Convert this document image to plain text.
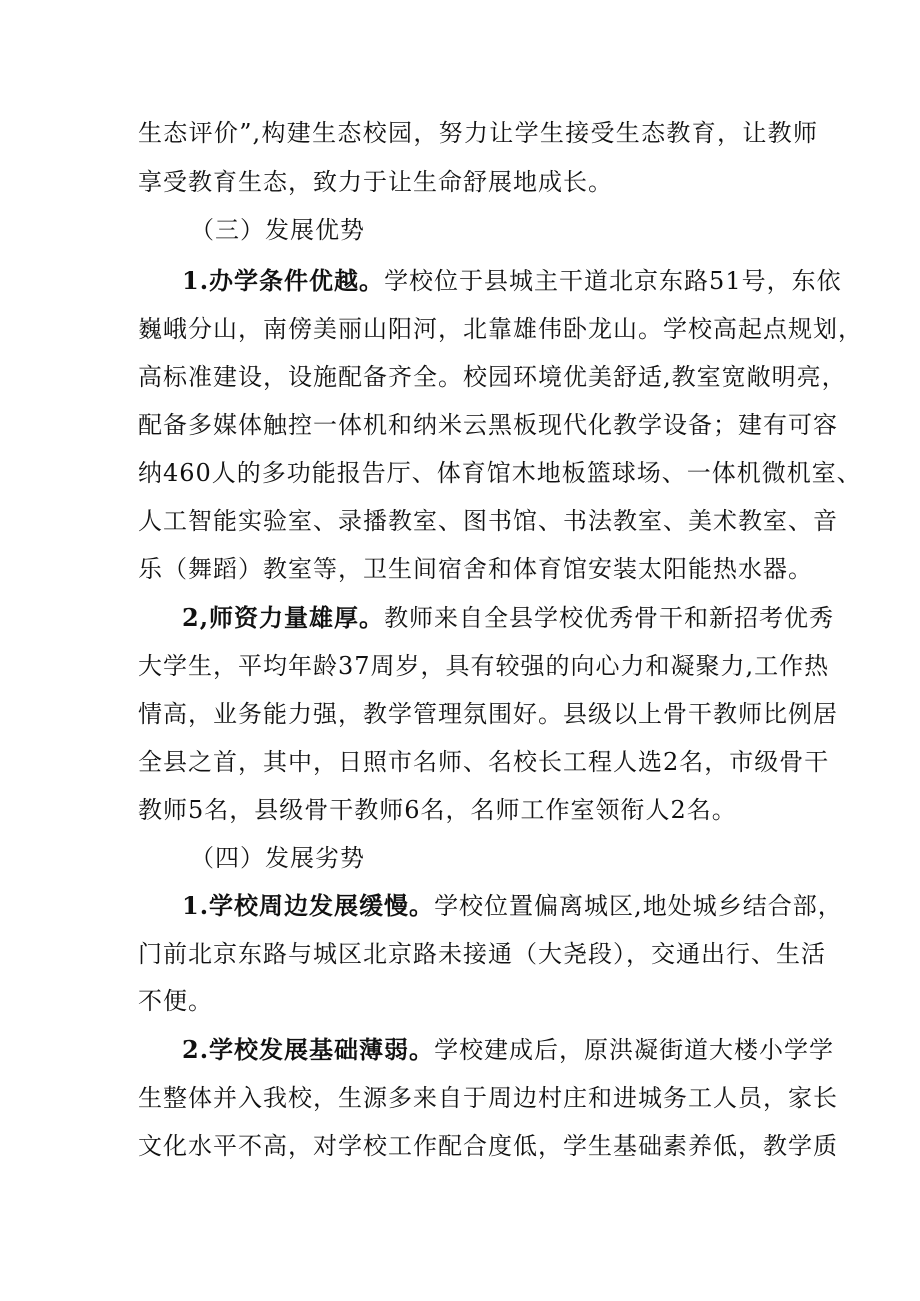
生态评价”,构建生态校园，努力让学生接受生态教育，让教师
享受教育生态，致力于让生命舒展地成长。
（三）发展优势
1.办学条件优越。学校位于县城主干道北京东路51号，东依
巍峨分山，南傍美丽山阳河，北靠雄伟卧龙山。学校高起点规划，
高标准建设，设施配备齐全。校园环境优美舒适,教室宽敞明亮，
配备多媒体触控一体机和纳米云黑板现代化教学设备；建有可容
纳460人的多功能报告厅、体育馆木地板篮球场、一体机微机室、
人工智能实验室、录播教室、图书馆、书法教室、美术教室、音
乐（舞蹈）教室等，卫生间宿舍和体育馆安装太阳能热水器。
2,师资力量雄厚。教师来自全县学校优秀骨干和新招考优秀
大学生，平均年龄37周岁，具有较强的向心力和凝聚力,工作热
情高，业务能力强，教学管理氛围好。县级以上骨干教师比例居
全县之首，其中，日照市名师、名校长工程人选2名，市级骨干
教师5名，县级骨干教师6名，名师工作室领衔人2名。
（四）发展劣势
1.学校周边发展缓慢。学校位置偏离城区,地处城乡结合部，
门前北京东路与城区北京路未接通（大尧段），交通出行、生活
不便。
2.学校发展基础薄弱。学校建成后，原洪凝街道大楼小学学
生整体并入我校，生源多来自于周边村庄和进城务工人员，家长
文化水平不高，对学校工作配合度低，学生基础素养低，教学质
